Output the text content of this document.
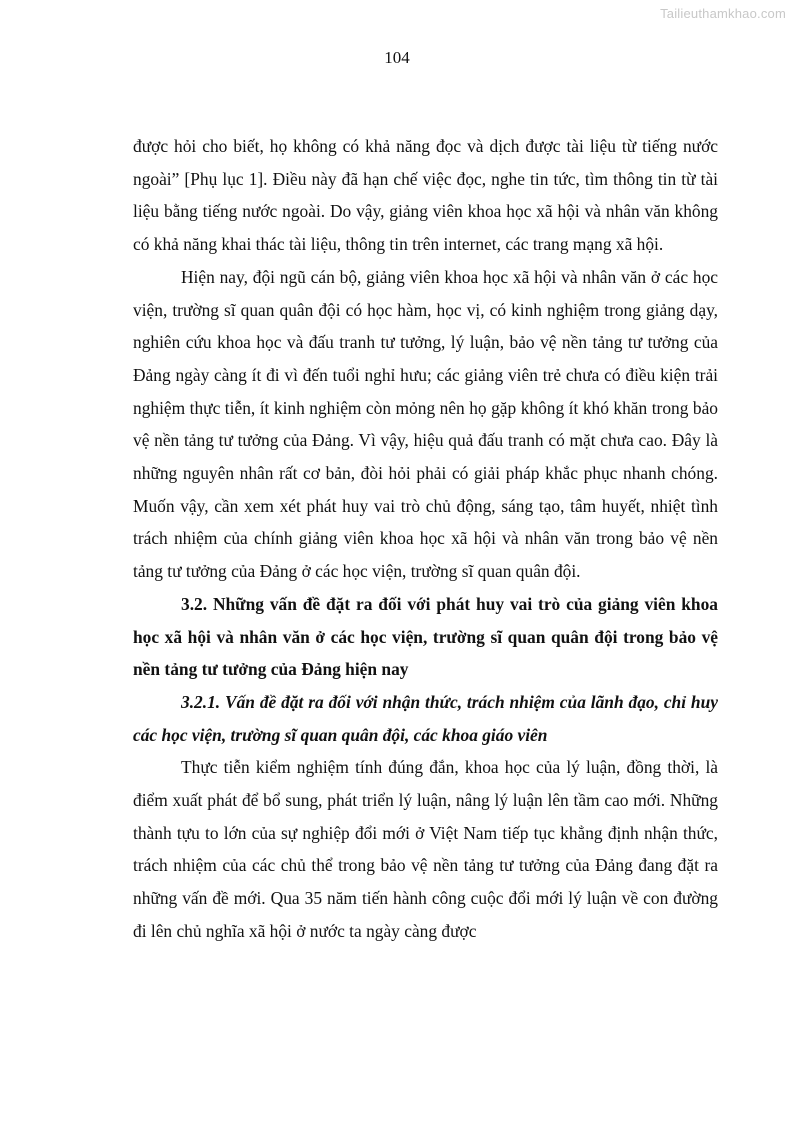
Tailieuthamkhao.com
104

được hỏi cho biết, họ không có khả năng đọc và dịch được tài liệu từ tiếng nước ngoài” [Phụ lục 1]. Điều này đã hạn chế việc đọc, nghe tin tức, tìm thông tin từ tài liệu bằng tiếng nước ngoài. Do vậy, giảng viên khoa học xã hội và nhân văn không có khả năng khai thác tài liệu, thông tin trên internet, các trang mạng xã hội.

Hiện nay, đội ngũ cán bộ, giảng viên khoa học xã hội và nhân văn ở các học viện, trường sĩ quan quân đội có học hàm, học vị, có kinh nghiệm trong giảng dạy, nghiên cứu khoa học và đấu tranh tư tưởng, lý luận, bảo vệ nền tảng tư tưởng của Đảng ngày càng ít đi vì đến tuổi nghỉ hưu; các giảng viên trẻ chưa có điều kiện trải nghiệm thực tiễn, ít kinh nghiệm còn mỏng nên họ gặp không ít khó khăn trong bảo vệ nền tảng tư tưởng của Đảng. Vì vậy, hiệu quả đấu tranh có mặt chưa cao. Đây là những nguyên nhân rất cơ bản, đòi hỏi phải có giải pháp khắc phục nhanh chóng. Muốn vậy, cần xem xét phát huy vai trò chủ động, sáng tạo, tâm huyết, nhiệt tình trách nhiệm của chính giảng viên khoa học xã hội và nhân văn trong bảo vệ nền tảng tư tưởng của Đảng ở các học viện, trường sĩ quan quân đội.

3.2. Những vấn đề đặt ra đối với phát huy vai trò của giảng viên khoa học xã hội và nhân văn ở các học viện, trường sĩ quan quân đội trong bảo vệ nền tảng tư tưởng của Đảng hiện nay

3.2.1. Vấn đề đặt ra đối với nhận thức, trách nhiệm của lãnh đạo, chỉ huy các học viện, trường sĩ quan quân đội, các khoa giáo viên

Thực tiễn kiểm nghiệm tính đúng đắn, khoa học của lý luận, đồng thời, là điểm xuất phát để bổ sung, phát triển lý luận, nâng lý luận lên tầm cao mới. Những thành tựu to lớn của sự nghiệp đổi mới ở Việt Nam tiếp tục khẳng định nhận thức, trách nhiệm của các chủ thể trong bảo vệ nền tảng tư tưởng của Đảng đang đặt ra những vấn đề mới. Qua 35 năm tiến hành công cuộc đổi mới lý luận về con đường đi lên chủ nghĩa xã hội ở nước ta ngày càng được
